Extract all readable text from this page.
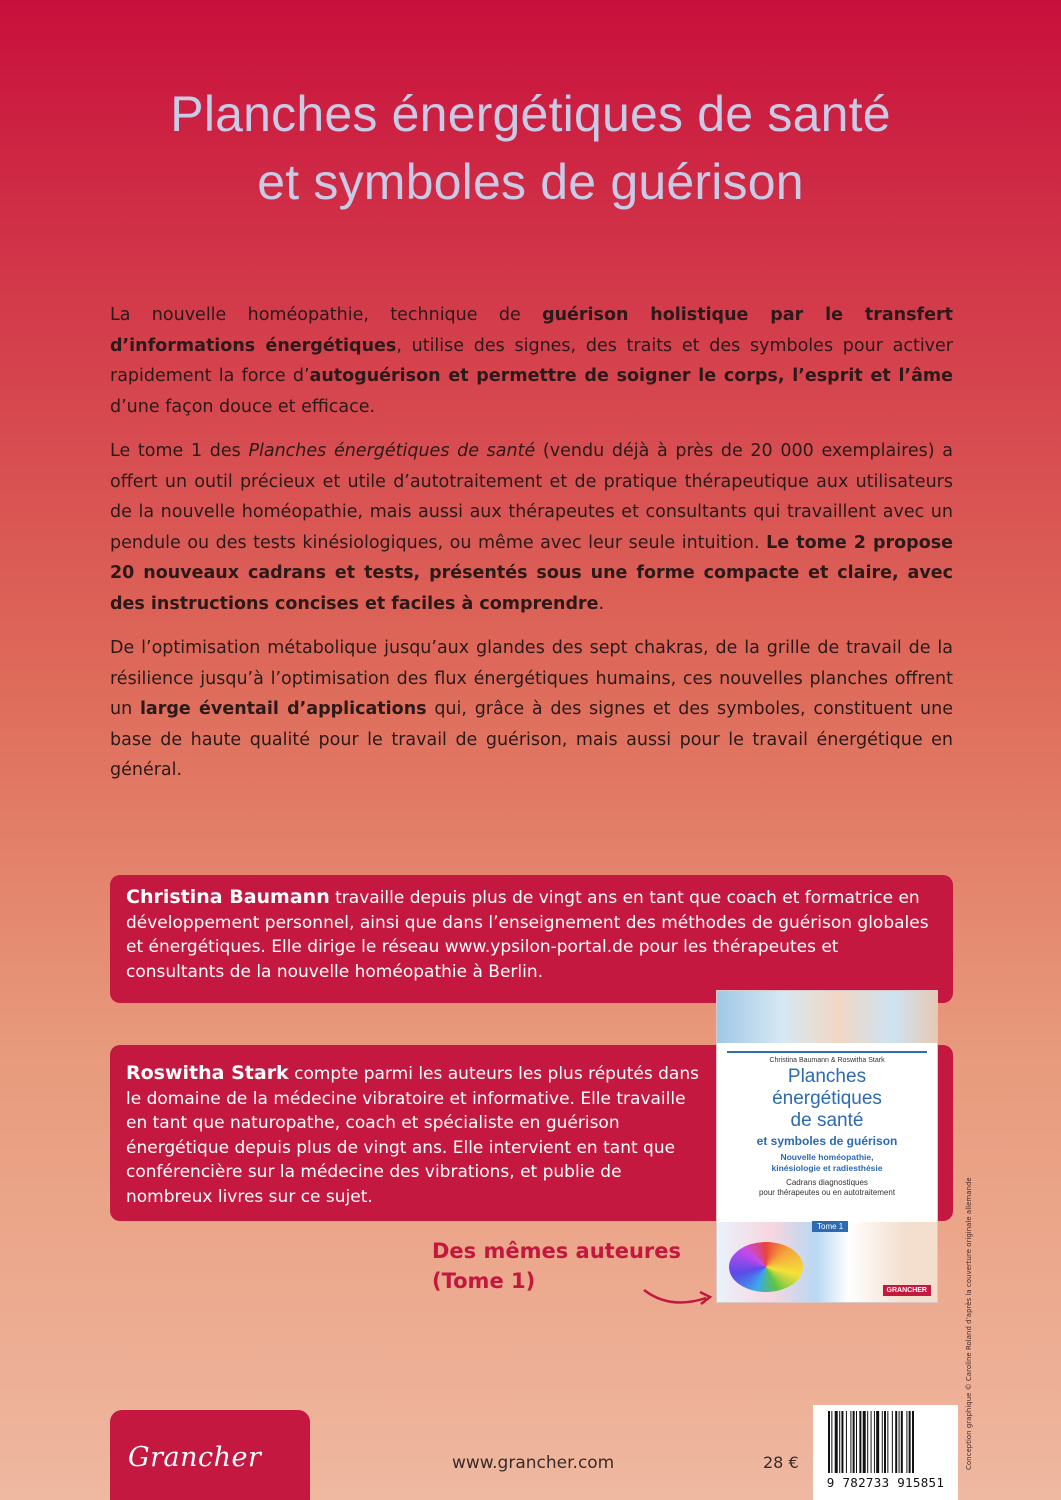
Planches énergétiques de santé
et symboles de guérison

La nouvelle homéopathie, technique de guérison holistique par le transfert d’informations énergétiques, utilise des signes, des traits et des symboles pour activer rapidement la force d’autoguérison et permettre de soigner le corps, l’esprit et l’âme d’une façon douce et efficace.

Le tome 1 des Planches énergétiques de santé (vendu déjà à près de 20 000 exemplaires) a offert un outil précieux et utile d’autotraitement et de pratique thérapeutique aux utilisateurs de la nouvelle homéopathie, mais aussi aux thérapeutes et consultants qui travaillent avec un pendule ou des tests kinésiologiques, ou même avec leur seule intuition. Le tome 2 propose 20 nouveaux cadrans et tests, présentés sous une forme compacte et claire, avec des instructions concises et faciles à comprendre.

De l’optimisation métabolique jusqu’aux glandes des sept chakras, de la grille de travail de la résilience jusqu’à l’optimisation des flux énergétiques humains, ces nouvelles planches offrent un large éventail d’applications qui, grâce à des signes et des symboles, constituent une base de haute qualité pour le travail de guérison, mais aussi pour le travail énergétique en général.

Christina Baumann travaille depuis plus de vingt ans en tant que coach et formatrice en développement personnel, ainsi que dans l’enseignement des méthodes de guérison globales et énergétiques. Elle dirige le réseau www.ypsilon-portal.de pour les thérapeutes et consultants de la nouvelle homéopathie à Berlin.
Roswitha Stark compte parmi les auteurs les plus réputés dans le domaine de la médecine vibratoire et informative. Elle travaille en tant que naturopathe, coach et spécialiste en guérison énergétique depuis plus de vingt ans. Elle intervient en tant que conférencière sur la médecine des vibrations, et publie de nombreux livres sur ce sujet.
Des mêmes auteures
(Tome 1)
Christina Baumann & Roswitha Stark
Planches
énergétiques
de santé
et symboles de guérison
Nouvelle homéopathie,
kinésiologie et radiesthésie
Cadrans diagnostiques
pour thérapeutes ou en autotraitement
GRANCHER
Tome 1
Grancher	www.grancher.com	28 €
9 782733 915851
Conception graphique © Caroline Roland d’après la couverture originale allemande
